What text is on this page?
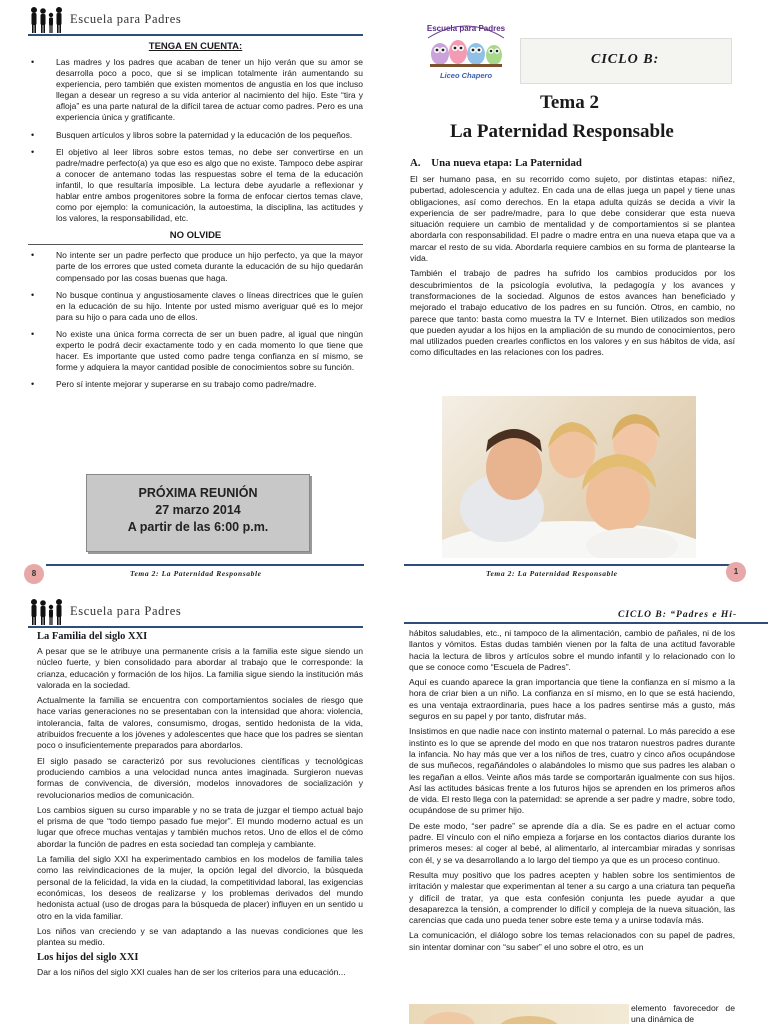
Escuela para Padres
TENGA EN CUENTA:
• Las madres y los padres que acaban de tener un hijo verán que su amor se desarrolla poco a poco, que si se implican totalmente irán aumentando su experiencia, pero también que existen momentos de angustia en los que incluso llegan a desear un regreso a su vida anterior al nacimiento del hijo. Este “tira y afloja” es una parte natural de la difícil tarea de actuar como padres. Pero es una experiencia única y gratificante.
• Busquen artículos y libros sobre la paternidad y la educación de los pequeños.
• El objetivo al leer libros sobre estos temas, no debe ser convertirse en un padre/madre perfecto(a) ya que eso es algo que no existe. Tampoco debe aspirar a conocer de antemano todas las respuestas sobre el tema de la educación infantil, lo que resultaría imposible. La lectura debe ayudarle a reflexionar y hablar entre ambos progenitores sobre la forma de enfocar ciertos temas clave, como por ejemplo: la comunicación, la autoestima, la disciplina, las actitudes y los valores, la responsabilidad, etc.
NO OLVIDE
• No intente ser un padre perfecto que produce un hijo perfecto, ya que la mayor parte de los errores que usted cometa durante la educación de su hijo quedarán compensado por las cosas buenas que haga.
• No busque continua y angustiosamente claves o líneas directrices que le guíen en la educación de su hijo. Intente por usted mismo averiguar qué es lo mejor para su hijo o para cada uno de ellos.
• No existe una única forma correcta de ser un buen padre, al igual que ningún experto le podrá decir exactamente todo y en cada momento lo que tiene que hacer. Es importante que usted como padre tenga confianza en sí mismo, se forme y adquiera la mayor cantidad posible de conocimientos sobre su función.
• Pero sí intente mejorar y superarse en su trabajo como padre/madre.
PRÓXIMA REUNIÓN
27 marzo 2014
A partir de las 6:00 p.m.
8	Tema 2: La Paternidad Responsable
Escuela para Padres
Liceo Chapero
CICLO B:
Tema 2
La Paternidad Responsable
A.    Una nueva etapa: La Paternidad

El ser humano pasa, en su recorrido como sujeto, por distintas etapas: niñez, pubertad, adolescencia y adultez. En cada una de ellas juega un papel y tiene unas obligaciones, así como derechos. En la etapa adulta quizás se decida a vivir la experiencia de ser padre/madre, para lo que debe considerar que esta nueva situación requiere un cambio de mentalidad y de comportamientos si se plantea abordarla con responsabilidad. El padre o madre entra en una nueva etapa que va a marcar el resto de su vida. Abordarla requiere cambios en su forma de plantearse la vida.

También el trabajo de padres ha sufrido los cambios producidos por los descubrimientos de la psicología evolutiva, la pedagogía y los avances y transformaciones de la sociedad. Algunos de estos avances han beneficiado y mejorado el trabajo educativo de los padres en su función. Otros, en cambio, no parece que tanto: basta como muestra la TV e Internet. Bien utilizados son medios que pueden ayudar a los hijos en la ampliación de su mundo de conocimientos, pero mal utilizados pueden crearles conflictos en los valores y en sus hábitos de vida, así como dificultades en las relaciones con los padres.

1
Tema 2: La Paternidad Responsable
Escuela para Padres
La Familia del siglo XXI

A pesar que se le atribuye una permanente crisis a la familia este sigue siendo un núcleo fuerte, y bien consolidado para abordar al trabajo que le corresponde: la crianza, educación y formación de los hijos. La familia sigue siendo la institución más valorada en la sociedad.

Actualmente la familia se encuentra con comportamientos sociales de riesgo que hace varias generaciones no se presentaban con la intensidad que ahora: violencia, intolerancia, falta de valores, consumismo, drogas, sentido hedonista de la vida, atribuidos frecuente a los jóvenes y adolescentes que hace que los padres se sientan poco o insuficientemente preparados para abordarlos.

El siglo pasado se caracterizó por sus revoluciones científicas y tecnológicas produciendo cambios a una velocidad nunca antes imaginada. Surgieron nuevas formas de convivencia, de diversión, modelos innovadores de socialización y revolucionarios medios de comunicación.

Los cambios siguen su curso imparable y no se trata de juzgar el tiempo actual bajo el prisma de que “todo tiempo pasado fue mejor”. El mundo moderno actual es un lugar que ofrece muchas ventajas y también muchos retos. Uno de ellos el de cómo abordar la función de padres en esta sociedad tan compleja y cambiante.

La familia del siglo XXI ha experimentado cambios en los modelos de familia tales como las reivindicaciones de la mujer, la opción legal del divorcio, la búsqueda personal de la felicidad, la vida en la ciudad, la competitividad laboral, las exigencias económicas, los deseos de realizarse y los problemas derivados del mundo hedonista actual (uso de drogas para la búsqueda de placer) influyen en un sentido u otro en la vida familiar.

Los niños van creciendo y se van adaptando a las nuevas condiciones que les plantea su medio.

Los hijos del siglo XXI

Dar a los niños del siglo XXI cuales han de ser los criterios para una educación...

CICLO B: “Padres e Hi-

hábitos saludables, etc., ni tampoco de la alimentación, cambio de pañales, ni de los llantos y vómitos. Estas dudas también vienen por la falta de una actitud favorable hacia la lectura de libros y artículos sobre el mundo infantil y lo relacionado con lo que se conoce como “Escuela de Padres”.

Aquí es cuando aparece la gran importancia que tiene la confianza en sí mismo a la hora de criar bien a un niño. La confianza en sí mismo, en lo que se está haciendo, es una ventaja extraordinaria, pues hace a los padres sentirse más a gusto, más seguros en su papel y por tanto, disfrutar más.

Insistimos en que nadie nace con instinto maternal o paternal. Lo más parecido a ese instinto es lo que se aprende del modo en que nos trataron nuestros padres durante la infancia. No hay más que ver a los niños de tres, cuatro y cinco años ocupándose de sus muñecos, regañándoles o alabándoles lo mismo que sus padres les alaban o les regañan a ellos. Veinte años más tarde se comportarán igualmente con sus hijos. Así las actitudes básicas frente a los futuros hijos se aprenden en los primeros años de vida. El resto llega con la paternidad: se aprende a ser padre y madre, sobre todo, ocupándose de su primer hijo.

De este modo, “ser padre” se aprende día a día. Se es padre en el actuar como padre. El vínculo con el niño empieza a forjarse en los contactos diarios durante los primeros meses: al coger al bebé, al alimentarlo, al intercambiar miradas y sonrisas con él, y se va desarrollando a lo largo del tiempo ya que es un proceso continuo.

Resulta muy positivo que los padres acepten y hablen sobre los sentimientos de irritación y malestar que experimentan al tener a su cargo a una criatura tan pequeña y difícil de tratar, ya que esta confesión conjunta les puede ayudar a que desaparezca la tensión, a comprender lo difícil y compleja de la nueva situación, las carencias que cada uno pueda tener sobre este tema y a unirse todavía más.

La comunicación, el diálogo sobre los temas relacionados con su papel de padres, sin intentar dominar con “su saber” el uno sobre el otro, es un

elemento favorecedor de una dinámica de
